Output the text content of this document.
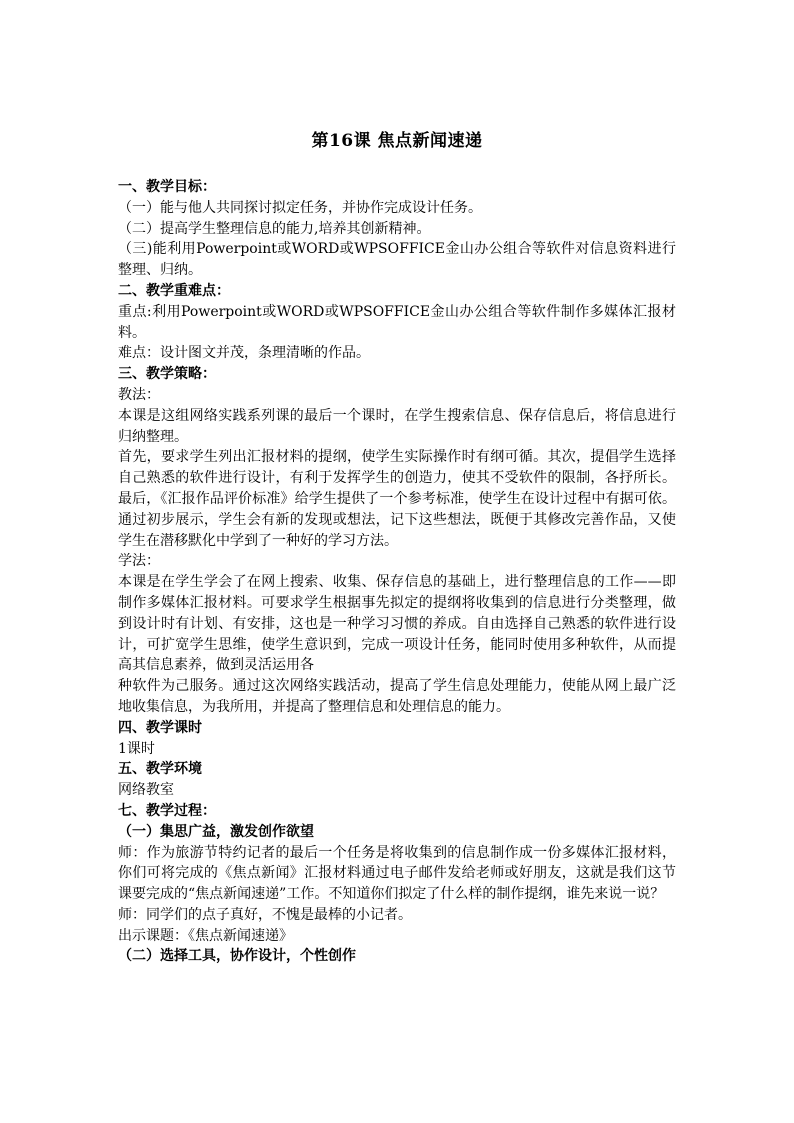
第16课 焦点新闻速递

一、教学目标：

（一）能与他人共同探讨拟定任务，并协作完成设计任务。

（二）提高学生整理信息的能力,培养其创新精神。

（三)能利用Powerpoint或WORD或WPSOFFICE金山办公组合等软件对信息资料进行整理、归纳。

二、教学重难点：

重点:利用Powerpoint或WORD或WPSOFFICE金山办公组合等软件制作多媒体汇报材料。

难点：设计图文并茂，条理清晰的作品。

三、教学策略：

教法：

本课是这组网络实践系列课的最后一个课时，在学生搜索信息、保存信息后，将信息进行归纳整理。

首先，要求学生列出汇报材料的提纲，使学生实际操作时有纲可循。其次，提倡学生选择自己熟悉的软件进行设计，有利于发挥学生的创造力，使其不受软件的限制，各抒所长。最后，《汇报作品评价标准》给学生提供了一个参考标准，使学生在设计过程中有据可依。通过初步展示，学生会有新的发现或想法，记下这些想法，既便于其修改完善作品，又使学生在潜移默化中学到了一种好的学习方法。

学法：

本课是在学生学会了在网上搜索、收集、保存信息的基础上，进行整理信息的工作——即制作多媒体汇报材料。可要求学生根据事先拟定的提纲将收集到的信息进行分类整理，做到设计时有计划、有安排，这也是一种学习习惯的养成。自由选择自己熟悉的软件进行设计，可扩宽学生思维，使学生意识到，完成一项设计任务，能同时使用多种软件，从而提高其信息素养，做到灵活运用各

种软件为己服务。通过这次网络实践活动，提高了学生信息处理能力，使能从网上最广泛地收集信息，为我所用，并提高了整理信息和处理信息的能力。

四、教学课时

1课时

五、教学环境

网络教室

七、教学过程：

（一）集思广益，激发创作欲望

师：作为旅游节特约记者的最后一个任务是将收集到的信息制作成一份多媒体汇报材料，你们可将完成的《焦点新闻》汇报材料通过电子邮件发给老师或好朋友，这就是我们这节课要完成的“焦点新闻速递”工作。不知道你们拟定了什么样的制作提纲，谁先来说一说？

师：同学们的点子真好，不愧是最棒的小记者。

出示课题：《焦点新闻速递》

（二）选择工具，协作设计，个性创作
